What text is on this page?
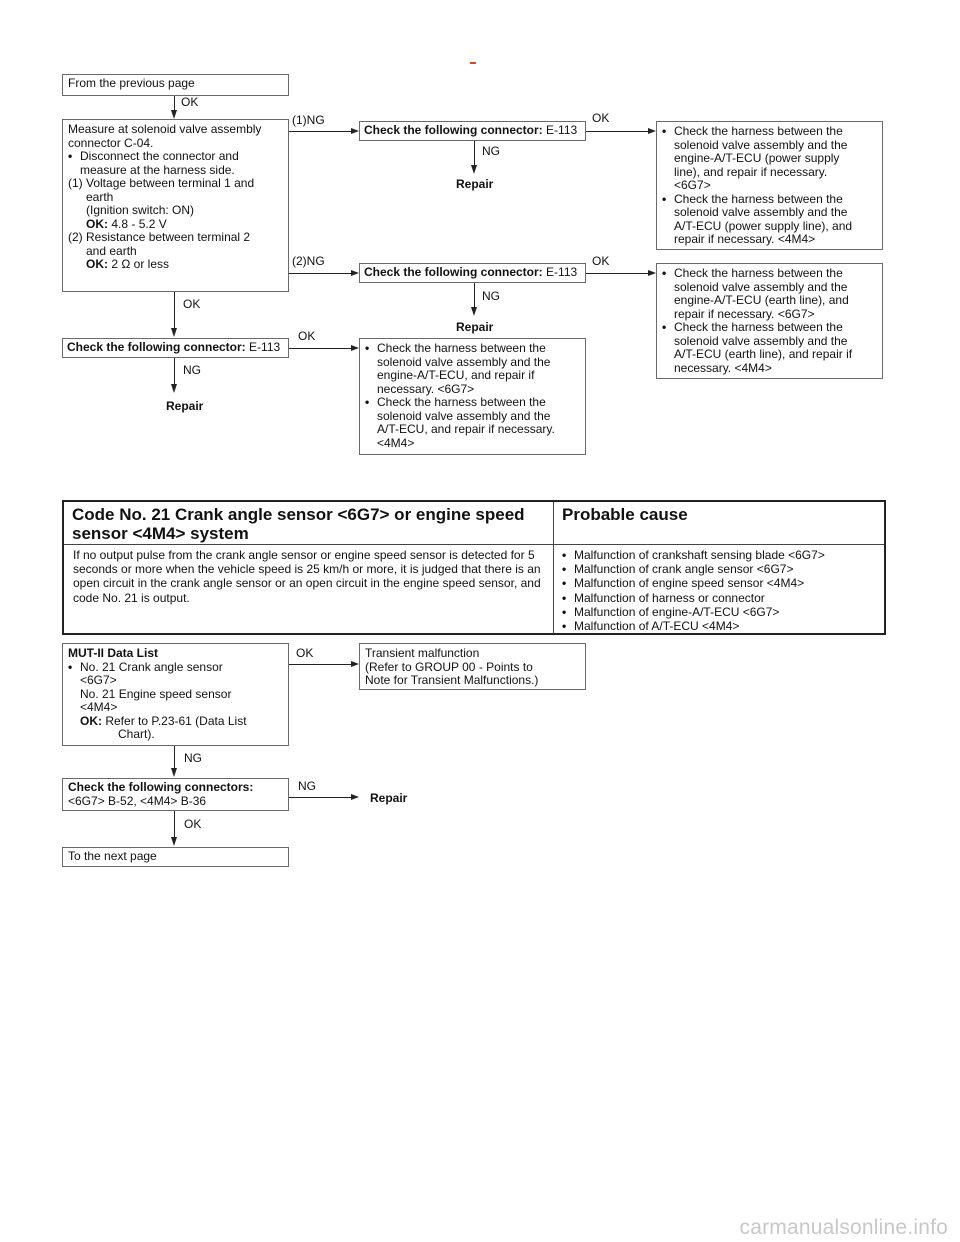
From the previous page
OK
Measure at solenoid valve assembly
connector C-04.
• Disconnect the connector and
measure at the harness side.
(1) Voltage between terminal 1 and
earth
(Ignition switch: ON)
OK: 4.8 - 5.2 V
(2) Resistance between terminal 2
and earth
OK: 2 Ω or less
(1)NG
Check the following connector: E-113
NG
Repair
OK
• Check the harness between the
solenoid valve assembly and the
engine-A/T-ECU (power supply
line), and repair if necessary.
<6G7>
• Check the harness between the
solenoid valve assembly and the
A/T-ECU (power supply line), and
repair if necessary. <4M4>
(2)NG
Check the following connector: E-113
NG
Repair
OK
• Check the harness between the
solenoid valve assembly and the
engine-A/T-ECU (earth line), and
repair if necessary. <6G7>
• Check the harness between the
solenoid valve assembly and the
A/T-ECU (earth line), and repair if
necessary. <4M4>
OK
Check the following connector: E-113
NG
Repair
OK
• Check the harness between the
solenoid valve assembly and the
engine-A/T-ECU, and repair if
necessary. <6G7>
• Check the harness between the
solenoid valve assembly and the
A/T-ECU, and repair if necessary.
<4M4>
Code No. 21 Crank angle sensor <6G7> or engine speed sensor <4M4> system
Probable cause
If no output pulse from the crank angle sensor or engine speed sensor is detected for 5 seconds or more when the vehicle speed is 25 km/h or more, it is judged that there is an open circuit in the crank angle sensor or an open circuit in the engine speed sensor, and code No. 21 is output.
• Malfunction of crankshaft sensing blade <6G7>
• Malfunction of crank angle sensor <6G7>
• Malfunction of engine speed sensor <4M4>
• Malfunction of harness or connector
• Malfunction of engine-A/T-ECU <6G7>
• Malfunction of A/T-ECU <4M4>
MUT-II Data List
• No. 21 Crank angle sensor
<6G7>
No. 21 Engine speed sensor
<4M4>
OK: Refer to P.23-61 (Data List
Chart).
OK	Transient malfunction
(Refer to GROUP 00 - Points to
Note for Transient Malfunctions.)
NG
Check the following connectors:
<6G7> B-52, <4M4> B-36
NG
Repair
OK
To the next page
carmanualsonline.info
